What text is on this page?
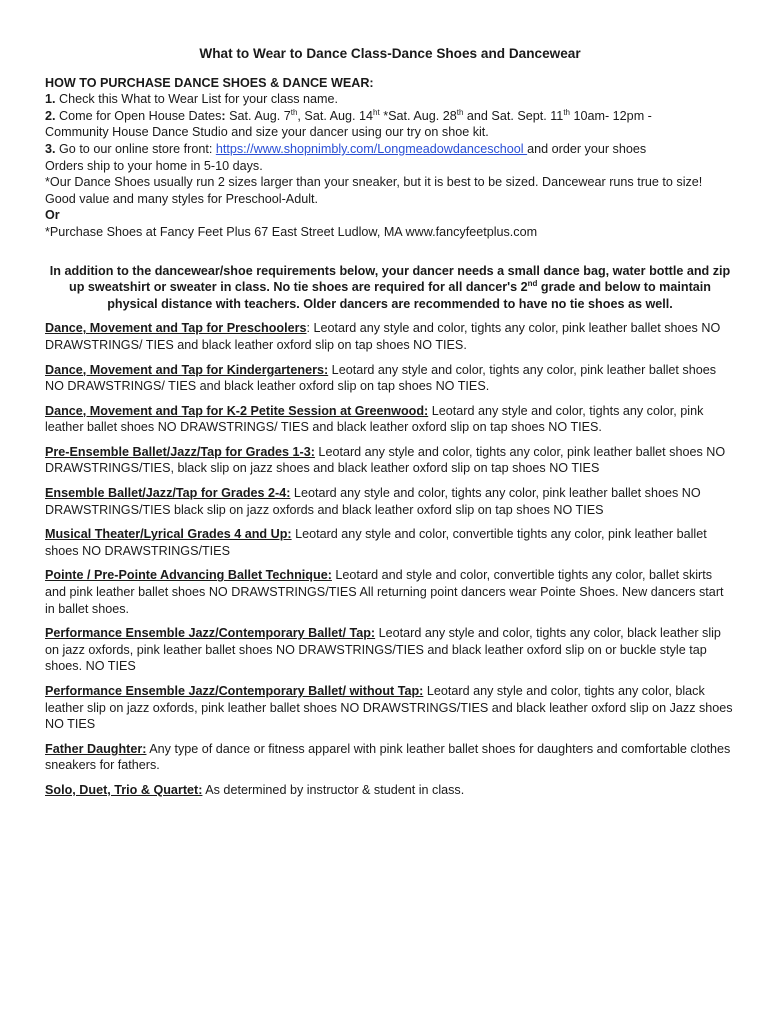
What to Wear to Dance Class-Dance Shoes and Dancewear

HOW TO PURCHASE DANCE SHOES & DANCE WEAR:

1. Check this What to Wear List for your class name.

2. Come for Open House Dates: Sat. Aug. 7th, Sat. Aug. $14^{ht}$ *Sat. Aug. 28th and Sat. Sept. 11th 10am- 12pm -

Community House Dance Studio and size your dancer using our try on shoe kit.

3. Go to our online store front: https://www.shopnimbly.com/Longmeadowdanceschool and order your shoes

Orders ship to your home in 5-10 days.

*Our Dance Shoes usually run 2 sizes larger than your sneaker, but it is best to be sized. Dancewear runs true to size! Good value and many styles for Preschool-Adult.

Or

*Purchase Shoes at Fancy Feet Plus 67 East Street Ludlow, MA www.fancyfeetplus.com

In addition to the dancewear/shoe requirements below, your dancer needs a small dance bag, water bottle and zip up sweatshirt or sweater in class. No tie shoes are required for all dancer's 2nd grade and below to maintain physical distance with teachers. Older dancers are recommended to have no tie shoes as well.

Dance, Movement and Tap for Preschoolers: Leotard any style and color, tights any color, pink leather ballet shoes NO DRAWSTRINGS/ TIES and black leather oxford slip on tap shoes NO TIES.

Dance, Movement and Tap for Kindergarteners: Leotard any style and color, tights any color, pink leather ballet shoes NO DRAWSTRINGS/ TIES and black leather oxford slip on tap shoes NO TIES.

Dance, Movement and Tap for K-2 Petite Session at Greenwood: Leotard any style and color, tights any color, pink leather ballet shoes NO DRAWSTRINGS/ TIES and black leather oxford slip on tap shoes NO TIES.

Pre-Ensemble Ballet/Jazz/Tap for Grades 1-3: Leotard any style and color, tights any color, pink leather ballet shoes NO DRAWSTRINGS/TIES, black slip on jazz shoes and black leather oxford slip on tap shoes NO TIES

Ensemble Ballet/Jazz/Tap for Grades 2-4: Leotard any style and color, tights any color, pink leather ballet shoes NO DRAWSTRINGS/TIES black slip on jazz oxfords and black leather oxford slip on tap shoes NO TIES

Musical Theater/Lyrical Grades 4 and Up: Leotard any style and color, convertible tights any color, pink leather ballet shoes NO DRAWSTRINGS/TIES

Pointe / Pre-Pointe Advancing Ballet Technique: Leotard and style and color, convertible tights any color, ballet skirts and pink leather ballet shoes NO DRAWSTRINGS/TIES All returning point dancers wear Pointe Shoes. New dancers start in ballet shoes.

Performance Ensemble Jazz/Contemporary Ballet/ Tap: Leotard any style and color, tights any color, black leather slip on jazz oxfords, pink leather ballet shoes NO DRAWSTRINGS/TIES and black leather oxford slip on or buckle style tap shoes. NO TIES

Performance Ensemble Jazz/Contemporary Ballet/ without Tap: Leotard any style and color, tights any color, black leather slip on jazz oxfords, pink leather ballet shoes NO DRAWSTRINGS/TIES and black leather oxford slip on Jazz shoes NO TIES

Father Daughter: Any type of dance or fitness apparel with pink leather ballet shoes for daughters and comfortable clothes sneakers for fathers.

Solo, Duet, Trio & Quartet: As determined by instructor & student in class.
